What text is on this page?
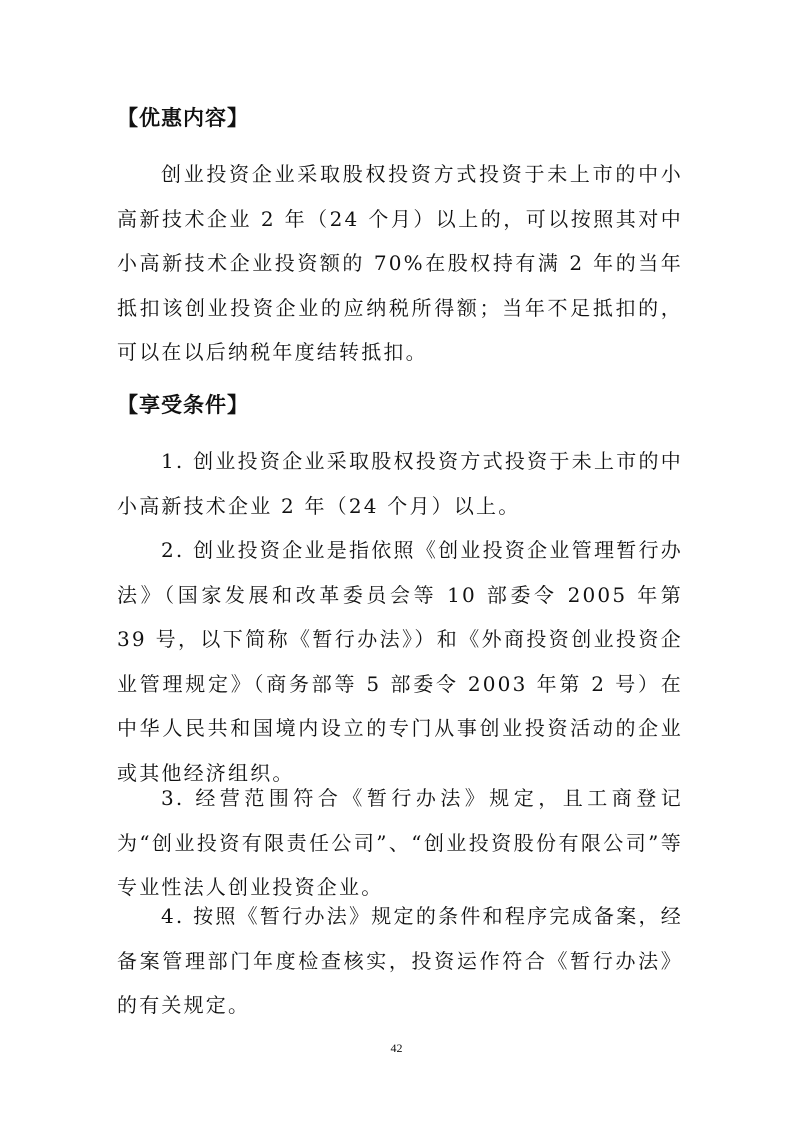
【优惠内容】

创业投资企业采取股权投资方式投资于未上市的中小高新技术企业 2 年（24 个月）以上的，可以按照其对中小高新技术企业投资额的 70%在股权持有满 2 年的当年抵扣该创业投资企业的应纳税所得额；当年不足抵扣的，可以在以后纳税年度结转抵扣。

【享受条件】

1. 创业投资企业采取股权投资方式投资于未上市的中小高新技术企业 2 年（24 个月）以上。

2. 创业投资企业是指依照《创业投资企业管理暂行办法》（国家发展和改革委员会等 10 部委令 2005 年第 39 号，以下简称《暂行办法》）和《外商投资创业投资企业管理规定》（商务部等 5 部委令 2003 年第 2 号）在中华人民共和国境内设立的专门从事创业投资活动的企业或其他经济组织。

3. 经营范围符合《暂行办法》规定，且工商登记为“创业投资有限责任公司”、“创业投资股份有限公司”等专业性法人创业投资企业。

4. 按照《暂行办法》规定的条件和程序完成备案，经备案管理部门年度检查核实，投资运作符合《暂行办法》的有关规定。

42
